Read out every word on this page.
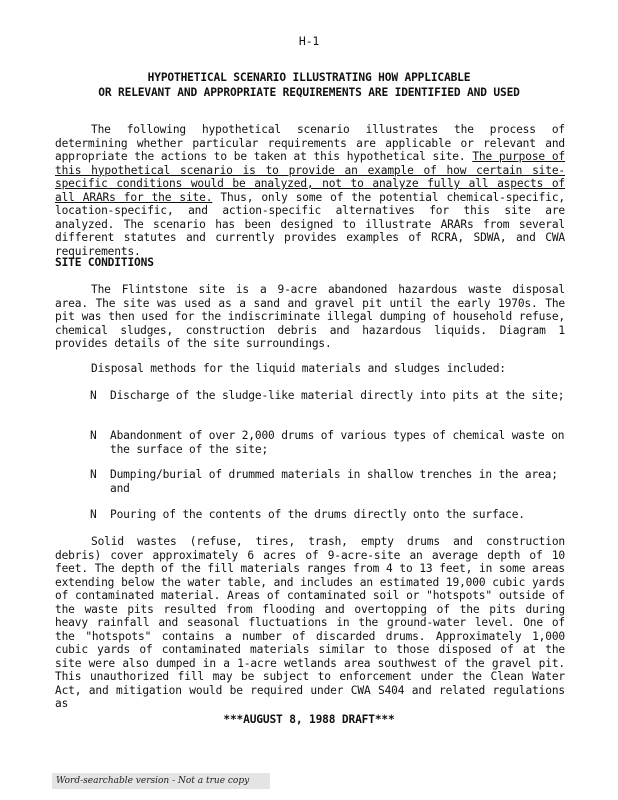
H-1
HYPOTHETICAL SCENARIO ILLUSTRATING HOW APPLICABLE
OR RELEVANT AND APPROPRIATE REQUIREMENTS ARE IDENTIFIED AND USED
The following hypothetical scenario illustrates the process of determining whether particular requirements are applicable or relevant and appropriate the actions to be taken at this hypothetical site. The purpose of this hypothetical scenario is to provide an example of how certain site-specific conditions would be analyzed, not to analyze fully all aspects of all ARARs for the site. Thus, only some of the potential chemical-specific, location-specific, and action-specific alternatives for this site are analyzed. The scenario has been designed to illustrate ARARs from several different statutes and currently provides examples of RCRA, SDWA, and CWA requirements.
SITE CONDITIONS
The Flintstone site is a 9-acre abandoned hazardous waste disposal area. The site was used as a sand and gravel pit until the early 1970s. The pit was then used for the indiscriminate illegal dumping of household refuse, chemical sludges, construction debris and hazardous liquids. Diagram 1 provides details of the site surroundings.
Disposal methods for the liquid materials and sludges included:
N	Discharge of the sludge-like material directly into pits at the site;
N	Abandonment of over 2,000 drums of various types of chemical waste on the surface of the site;
N	Dumping/burial of drummed materials in shallow trenches in the area; and
N	Pouring of the contents of the drums directly onto the surface.
Solid wastes (refuse, tires, trash, empty drums and construction debris) cover approximately 6 acres of 9-acre-site an average depth of 10 feet. The depth of the fill materials ranges from 4 to 13 feet, in some areas extending below the water table, and includes an estimated 19,000 cubic yards of contaminated material. Areas of contaminated soil or "hotspots" outside of the waste pits resulted from flooding and overtopping of the pits during heavy rainfall and seasonal fluctuations in the ground-water level. One of the "hotspots" contains a number of discarded drums. Approximately 1,000 cubic yards of contaminated materials similar to those disposed of at the site were also dumped in a 1-acre wetlands area southwest of the gravel pit. This unauthorized fill may be subject to enforcement under the Clean Water Act, and mitigation would be required under CWA S404 and related regulations as
***AUGUST 8, 1988 DRAFT***
Word-searchable version - Not a true copy
